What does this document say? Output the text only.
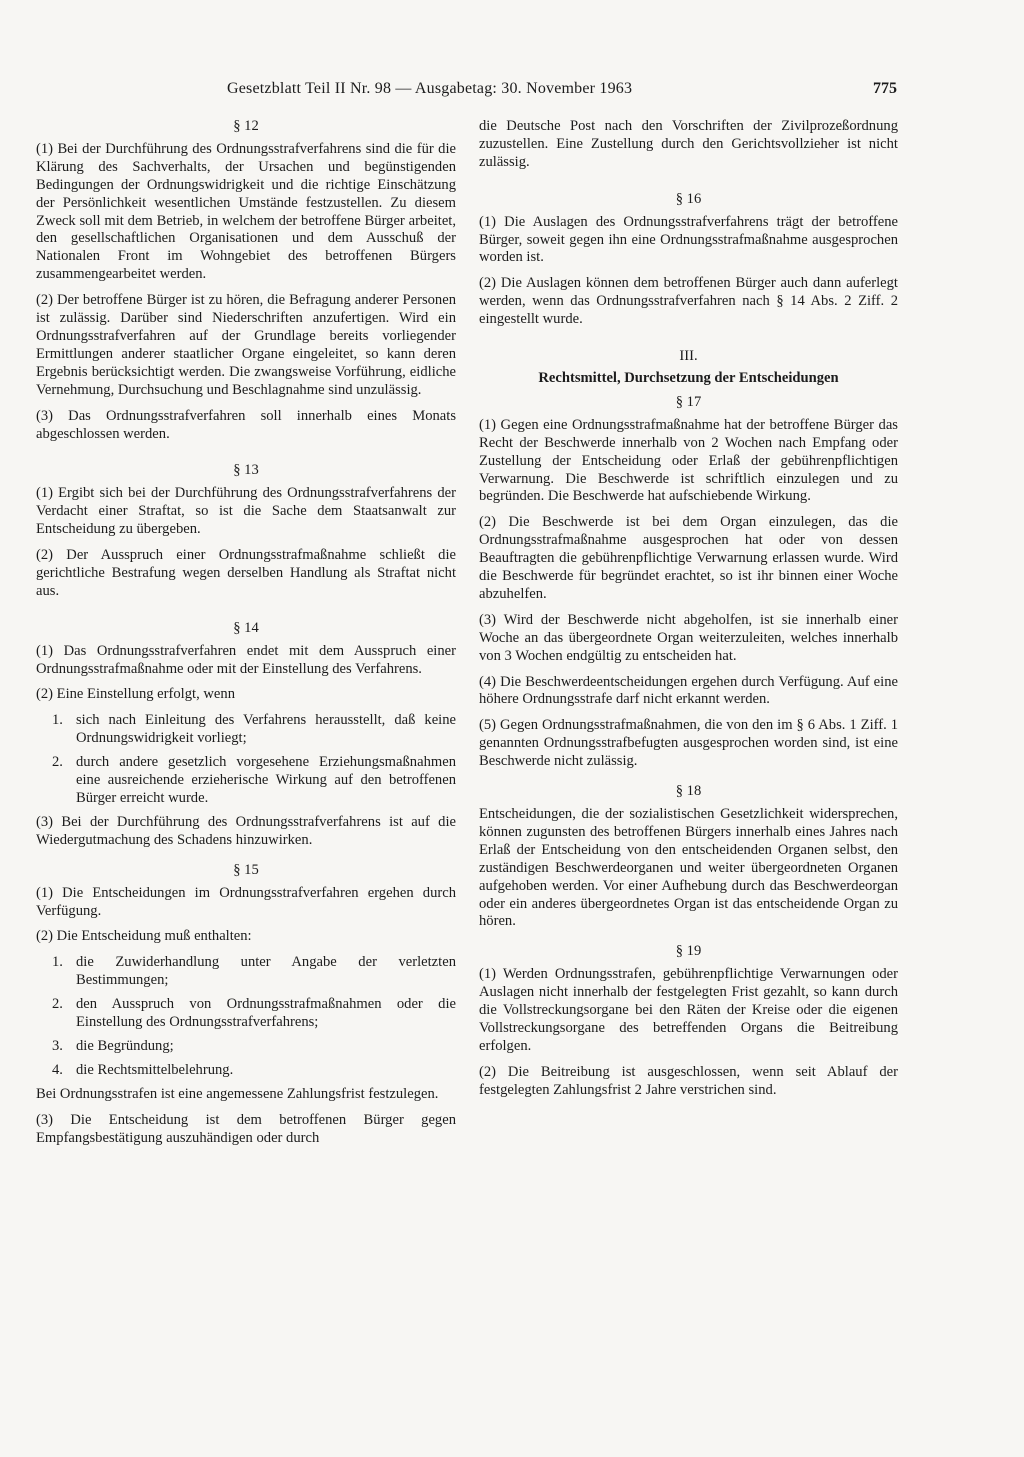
Gesetzblatt Teil II Nr. 98 — Ausgabetag: 30. November 1963	775
§ 12

(1) Bei der Durchführung des Ordnungsstrafverfahrens sind die für die Klärung des Sachverhalts, der Ursachen und begünstigenden Bedingungen der Ordnungswidrigkeit und die richtige Einschätzung der Persönlichkeit wesentlichen Umstände festzustellen. Zu diesem Zweck soll mit dem Betrieb, in welchem der betroffene Bürger arbeitet, den gesellschaftlichen Organisationen und dem Ausschuß der Nationalen Front im Wohngebiet des betroffenen Bürgers zusammengearbeitet werden.

(2) Der betroffene Bürger ist zu hören, die Befragung anderer Personen ist zulässig. Darüber sind Niederschriften anzufertigen. Wird ein Ordnungsstrafverfahren auf der Grundlage bereits vorliegender Ermittlungen anderer staatlicher Organe eingeleitet, so kann deren Ergebnis berücksichtigt werden. Die zwangsweise Vorführung, eidliche Vernehmung, Durchsuchung und Beschlagnahme sind unzulässig.

(3) Das Ordnungsstrafverfahren soll innerhalb eines Monats abgeschlossen werden.

§ 13

(1) Ergibt sich bei der Durchführung des Ordnungsstrafverfahrens der Verdacht einer Straftat, so ist die Sache dem Staatsanwalt zur Entscheidung zu übergeben.

(2) Der Ausspruch einer Ordnungsstrafmaßnahme schließt die gerichtliche Bestrafung wegen derselben Handlung als Straftat nicht aus.

§ 14

(1) Das Ordnungsstrafverfahren endet mit dem Ausspruch einer Ordnungsstrafmaßnahme oder mit der Einstellung des Verfahrens.

(2) Eine Einstellung erfolgt, wenn

1. sich nach Einleitung des Verfahrens herausstellt, daß keine Ordnungswidrigkeit vorliegt;
2. durch andere gesetzlich vorgesehene Erziehungsmaßnahmen eine ausreichende erzieherische Wirkung auf den betroffenen Bürger erreicht wurde.

(3) Bei der Durchführung des Ordnungsstrafverfahrens ist auf die Wiedergutmachung des Schadens hinzuwirken.

§ 15

(1) Die Entscheidungen im Ordnungsstrafverfahren ergehen durch Verfügung.

(2) Die Entscheidung muß enthalten:

1. die Zuwiderhandlung unter Angabe der verletzten Bestimmungen;
2. den Ausspruch von Ordnungsstrafmaßnahmen oder die Einstellung des Ordnungsstrafverfahrens;
3. die Begründung;
4. die Rechtsmittelbelehrung.

Bei Ordnungsstrafen ist eine angemessene Zahlungsfrist festzulegen.

(3) Die Entscheidung ist dem betroffenen Bürger gegen Empfangsbestätigung auszuhändigen oder durch

die Deutsche Post nach den Vorschriften der Zivilprozeßordnung zuzustellen. Eine Zustellung durch den Gerichtsvollzieher ist nicht zulässig.

§ 16

(1) Die Auslagen des Ordnungsstrafverfahrens trägt der betroffene Bürger, soweit gegen ihn eine Ordnungsstrafmaßnahme ausgesprochen worden ist.

(2) Die Auslagen können dem betroffenen Bürger auch dann auferlegt werden, wenn das Ordnungsstrafverfahren nach § 14 Abs. 2 Ziff. 2 eingestellt wurde.

III.
Rechtsmittel, Durchsetzung der Entscheidungen
§ 17

(1) Gegen eine Ordnungsstrafmaßnahme hat der betroffene Bürger das Recht der Beschwerde innerhalb von 2 Wochen nach Empfang oder Zustellung der Entscheidung oder Erlaß der gebührenpflichtigen Verwarnung. Die Beschwerde ist schriftlich einzulegen und zu begründen. Die Beschwerde hat aufschiebende Wirkung.

(2) Die Beschwerde ist bei dem Organ einzulegen, das die Ordnungsstrafmaßnahme ausgesprochen hat oder von dessen Beauftragten die gebührenpflichtige Verwarnung erlassen wurde. Wird die Beschwerde für begründet erachtet, so ist ihr binnen einer Woche abzuhelfen.

(3) Wird der Beschwerde nicht abgeholfen, ist sie innerhalb einer Woche an das übergeordnete Organ weiterzuleiten, welches innerhalb von 3 Wochen endgültig zu entscheiden hat.

(4) Die Beschwerdeentscheidungen ergehen durch Verfügung. Auf eine höhere Ordnungsstrafe darf nicht erkannt werden.

(5) Gegen Ordnungsstrafmaßnahmen, die von den im § 6 Abs. 1 Ziff. 1 genannten Ordnungsstrafbefugten ausgesprochen worden sind, ist eine Beschwerde nicht zulässig.

§ 18

Entscheidungen, die der sozialistischen Gesetzlichkeit widersprechen, können zugunsten des betroffenen Bürgers innerhalb eines Jahres nach Erlaß der Entscheidung von den entscheidenden Organen selbst, den zuständigen Beschwerdeorganen und weiter übergeordneten Organen aufgehoben werden. Vor einer Aufhebung durch das Beschwerdeorgan oder ein anderes übergeordnetes Organ ist das entscheidende Organ zu hören.

§ 19

(1) Werden Ordnungsstrafen, gebührenpflichtige Verwarnungen oder Auslagen nicht innerhalb der festgelegten Frist gezahlt, so kann durch die Vollstreckungsorgane bei den Räten der Kreise oder die eigenen Vollstreckungsorgane des betreffenden Organs die Beitreibung erfolgen.

(2) Die Beitreibung ist ausgeschlossen, wenn seit Ablauf der festgelegten Zahlungsfrist 2 Jahre verstrichen sind.
